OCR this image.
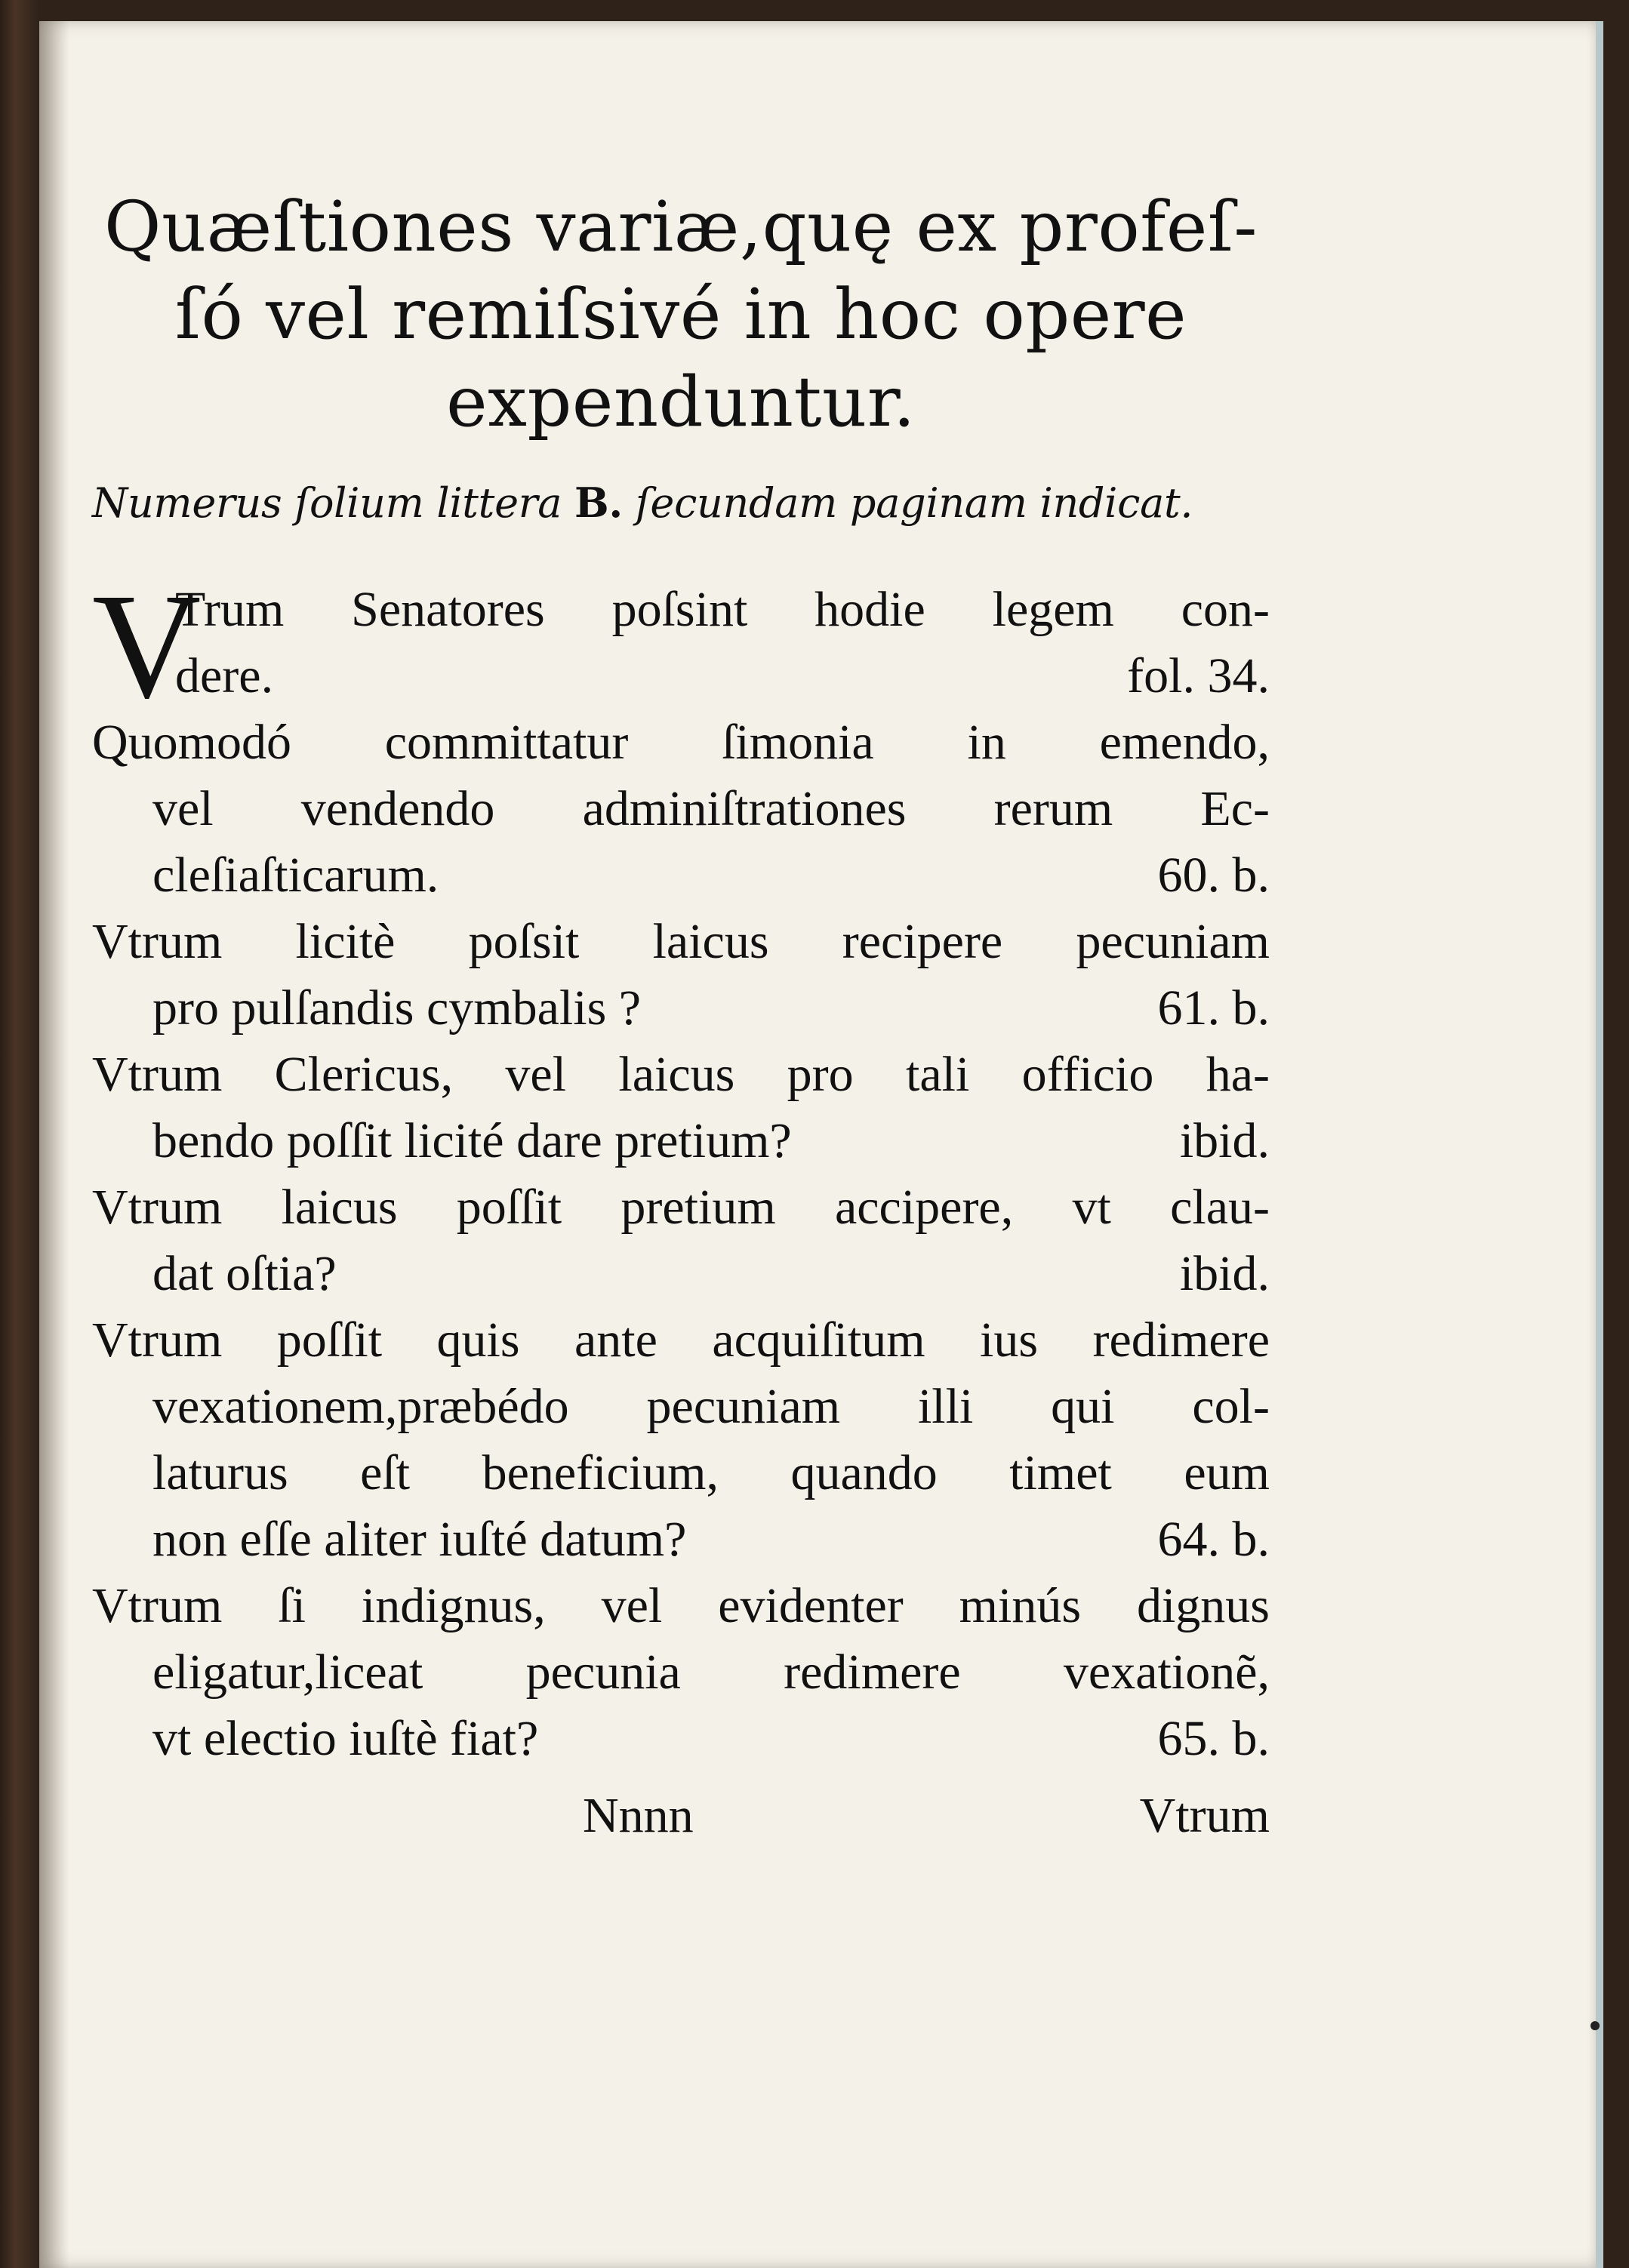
Quæſtiones variæ,quę ex profeſ-
ſó vel remiſsivé in hoc opere
expenduntur.
Numerus ſolium littera B. ſecundam paginam indicat.
V
Trum Senatores poſsint hodie legem con-
dere.	fol. 34.
Quomodó committatur ſimonia in emendo,
vel vendendo adminiſtrationes rerum Ec-
cleſiaſticarum.	60. b.
Vtrum licitè poſsit laicus recipere pecuniam
pro pulſandis cymbalis ?	61. b.
Vtrum Clericus, vel laicus pro tali officio ha-
bendo poſſit licité dare pretium?	ibid.
Vtrum laicus poſſit pretium accipere, vt clau-
dat oſtia?	ibid.
Vtrum poſſit quis ante acquiſitum ius redimere
vexationem,præbédo pecuniam illi qui col-
laturus eſt beneficium, quando timet eum
non eſſe aliter iuſté datum?	64. b.
Vtrum ſi indignus, vel evidenter minús dignus
eligatur,liceat pecunia redimere vexationẽ,
vt electio iuſtè fiat?	65. b.
Nnnn	Vtrum
